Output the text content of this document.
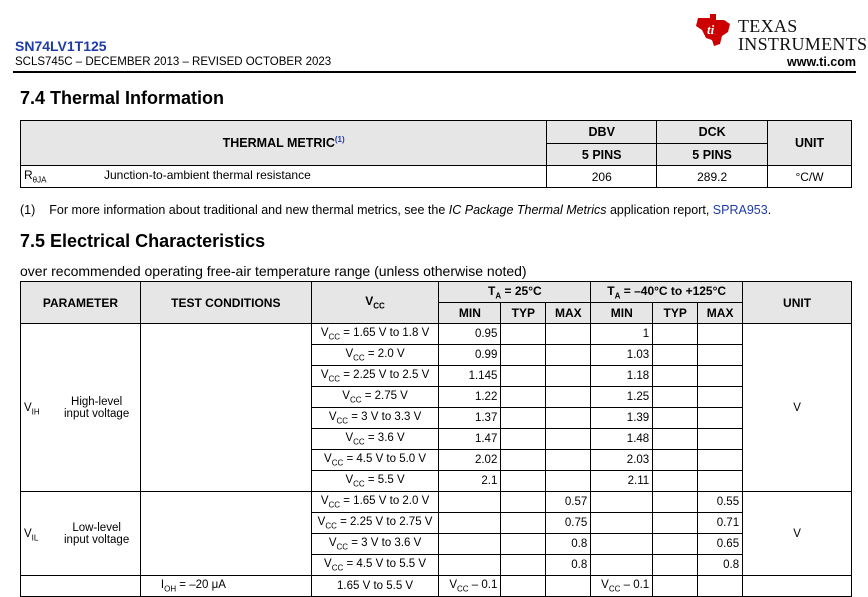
SN74LV1T125
SCLS745C – DECEMBER 2013 – REVISED OCTOBER 2023	www.ti.com
ti TEXAS
INSTRUMENTS
7.4 Thermal Information
THERMAL METRIC$^{(1)}$	DBV	DCK	UNIT
	5 PINS	5 PINS	
$R_{\theta JA}$ Junction-to-ambient thermal resistance	206	289.2	°C/W
(1) For more information about traditional and new thermal metrics, see the IC Package Thermal Metrics application report, SPRA953.
7.5 Electrical Characteristics
over recommended operating free-air temperature range (unless otherwise noted)
PARAMETER	TEST CONDITIONS	$V_{CC}$	$T_A = 25^\circ C$			$T_A = -40^\circ C$ to +125°C			UNIT
			MIN	TYP	MAX	MIN	TYP	MAX	
$V_{IH}High$-level
input voltage		$V_{CC} = 1.65$ V to 1.8 V	0.95			1			V
		$V_{CC} = 2.0$ V	0.99			1.03			
		$V_{CC} = 2.25$ V to 2.5 V	1.145			1.18			
		$V_{CC} = 2.75$ V	1.22			1.25			
		$V_{CC} = 3$ V to 3.3 V	1.37			1.39			
		$V_{CC} = 3.6$ V	1.47			1.48			
		$V_{CC} = 4.5$ V to 5.0 V	2.02			2.03			
		$V_{CC} = 5.5$ V	2.1			2.11			
$V_{IL}Low$-level
input voltage		$V_{CC} = 1.65$ V to 2.0 V			0.57			0.55	V
		$V_{CC} = 2.25$ V to 2.75 V			0.75			0.71	
		$V_{CC} = 3$ V to 3.6 V			0.8			0.65	
		$V_{CC} = 4.5$ V to 5.5 V			0.8			0.8	
	$I_{OH} = -20$ μA	1.65 V to 5.5 V	$V_{CC} - 0.1$			$V_{CC} - 0.1$			
